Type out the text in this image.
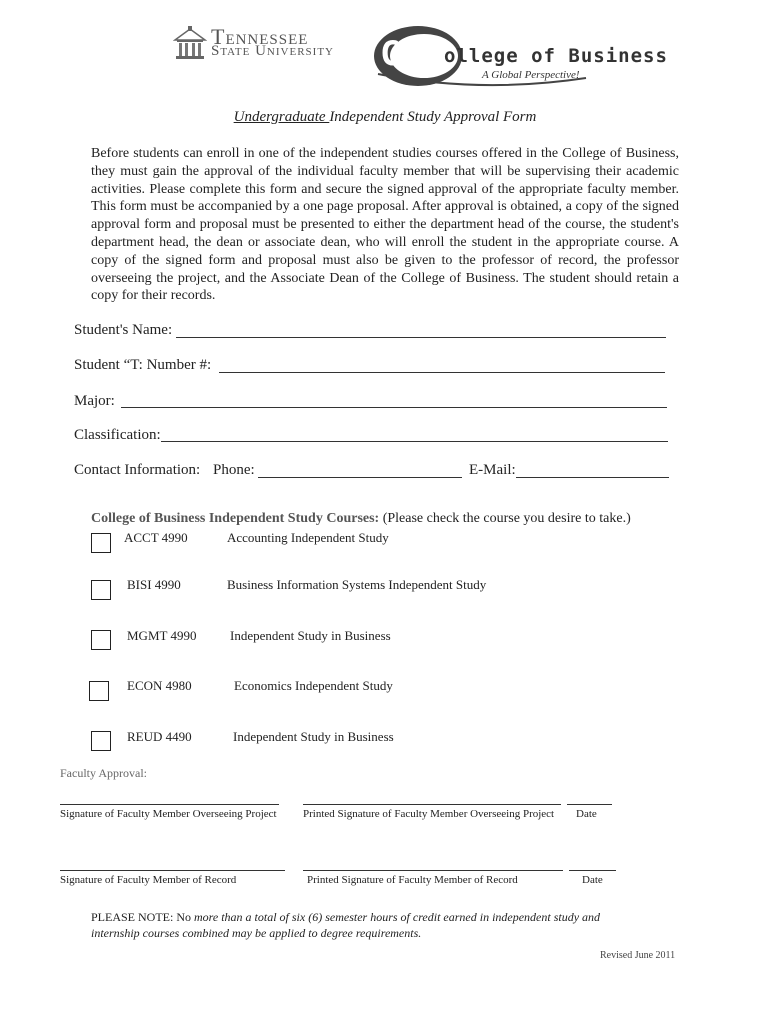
Tennessee
State University C ollege of Business
A Global Perspective!
Undergraduate Independent Study Approval Form
Before students can enroll in one of the independent studies courses offered in the College of Business, they must gain the approval of the individual faculty member that will be supervising their academic activities. Please complete this form and secure the signed approval of the appropriate faculty member. This form must be accompanied by a one page proposal. After approval is obtained, a copy of the signed approval form and proposal must be presented to either the department head of the course, the student's department head, the dean or associate dean, who will enroll the student in the appropriate course. A copy of the signed form and proposal must also be given to the professor of record, the professor overseeing the project, and the Associate Dean of the College of Business. The student should retain a copy for their records.
Student's Name:
Student “T: Number #:
Major:
Classification:
Contact Information: Phone:	E-Mail:
College of Business Independent Study Courses: (Please check the course you desire to take.)
ACCT 4990	Accounting Independent Study
BISI 4990	Business Information Systems Independent Study
MGMT 4990	Independent Study in Business
ECON 4980	Economics Independent Study
REUD 4490	Independent Study in Business
Faculty Approval:
Signature of Faculty Member Overseeing Project Printed Signature of Faculty Member Overseeing Project Date
Signature of Faculty Member of Record	Printed Signature of Faculty Member of Record	Date
PLEASE NOTE: No more than a total of six (6) semester hours of credit earned in independent study and internship courses combined may be applied to degree requirements.
Revised June 2011
